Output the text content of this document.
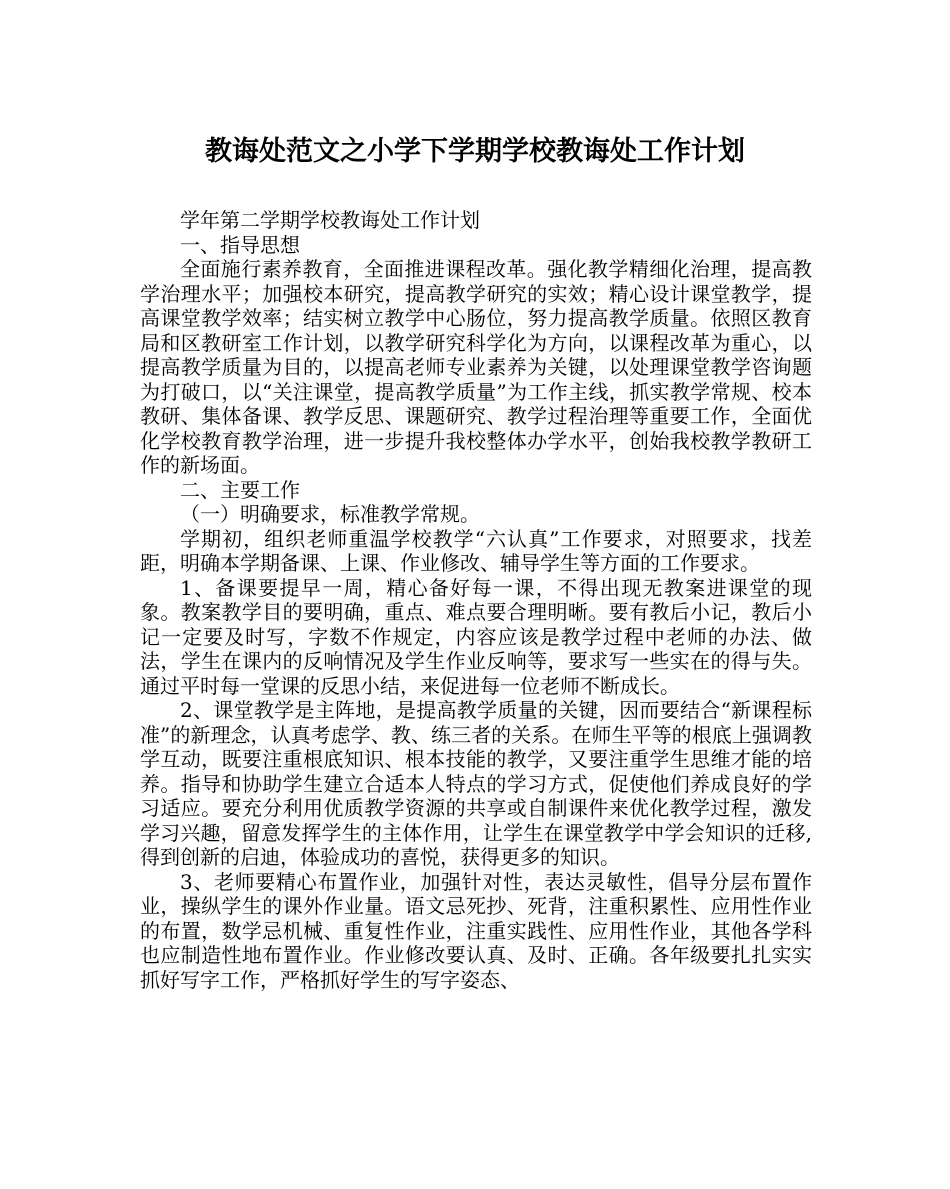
教诲处范文之小学下学期学校教诲处工作计划

学年第二学期学校教诲处工作计划

一、指导思想

全面施行素养教育，全面推进课程改革。强化教学精细化治理，提高教学治理水平；加强校本研究，提高教学研究的实效；精心设计课堂教学，提高课堂教学效率；结实树立教学中心肠位，努力提高教学质量。依照区教育局和区教研室工作计划，以教学研究科学化为方向，以课程改革为重心，以提高教学质量为目的，以提高老师专业素养为关键，以处理课堂教学咨询题为打破口，以“关注课堂，提高教学质量”为工作主线，抓实教学常规、校本教研、集体备课、教学反思、课题研究、教学过程治理等重要工作，全面优化学校教育教学治理，进一步提升我校整体办学水平，创始我校教学教研工作的新场面。

二、主要工作

（一）明确要求，标准教学常规。

学期初，组织老师重温学校教学“六认真”工作要求，对照要求，找差距，明确本学期备课、上课、作业修改、辅导学生等方面的工作要求。

1、备课要提早一周，精心备好每一课，不得出现无教案进课堂的现象。教案教学目的要明确，重点、难点要合理明晰。要有教后小记，教后小记一定要及时写，字数不作规定，内容应该是教学过程中老师的办法、做法，学生在课内的反响情况及学生作业反响等，要求写一些实在的得与失。通过平时每一堂课的反思小结，来促进每一位老师不断成长。

2、课堂教学是主阵地，是提高教学质量的关键，因而要结合“新课程标准”的新理念，认真考虑学、教、练三者的关系。在师生平等的根底上强调教学互动，既要注重根底知识、根本技能的教学，又要注重学生思维才能的培养。指导和协助学生建立合适本人特点的学习方式，促使他们养成良好的学习适应。要充分利用优质教学资源的共享或自制课件来优化教学过程，激发学习兴趣，留意发挥学生的主体作用，让学生在课堂教学中学会知识的迁移,得到创新的启迪，体验成功的喜悦，获得更多的知识。

3、老师要精心布置作业，加强针对性，表达灵敏性，倡导分层布置作业，操纵学生的课外作业量。语文忌死抄、死背，注重积累性、应用性作业的布置，数学忌机械、重复性作业，注重实践性、应用性作业，其他各学科也应制造性地布置作业。作业修改要认真、及时、正确。各年级要扎扎实实抓好写字工作，严格抓好学生的写字姿态、
